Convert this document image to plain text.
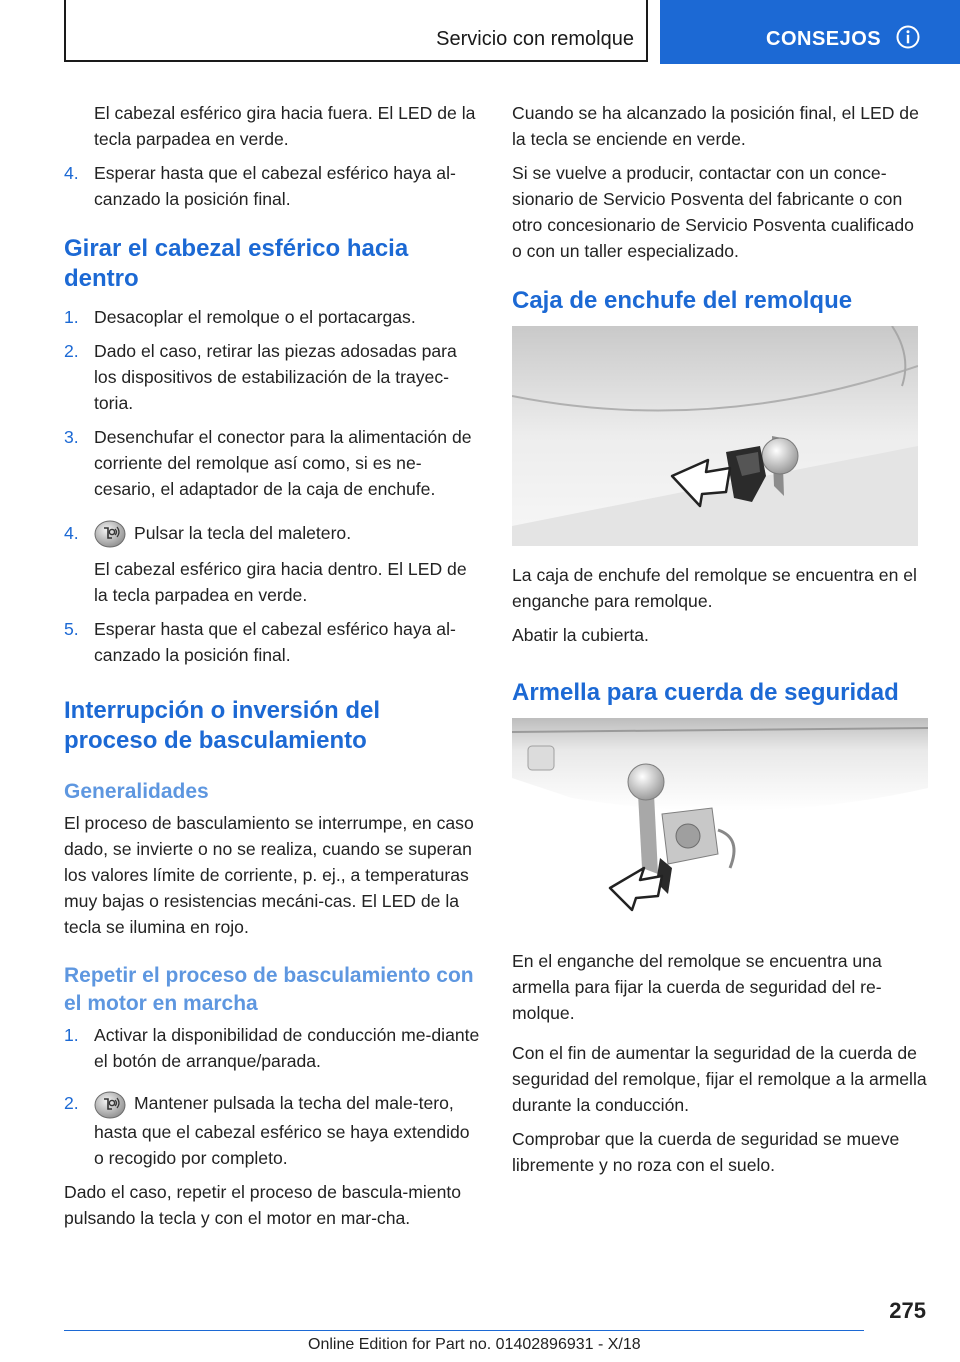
Servicio con remolque	CONSEJOS

El cabezal esférico gira hacia fuera. El LED de la tecla parpadea en verde.

4. Esperar hasta que el cabezal esférico haya al‐canzado la posición final.
Girar el cabezal esférico hacia dentro
1. Desacoplar el remolque o el portacargas.
2. Dado el caso, retirar las piezas adosadas para los dispositivos de estabilización de la trayec‐toria.
3. Desenchufar el conector para la alimentación de corriente del remolque así como, si es ne‐cesario, el adaptador de la caja de enchufe.
4.	Pulsar la tecla del maletero.
El cabezal esférico gira hacia dentro. El LED de la tecla parpadea en verde.
5. Esperar hasta que el cabezal esférico haya al‐canzado la posición final.
Interrupción o inversión del proceso de basculamiento
Generalidades

El proceso de basculamiento se interrumpe, en caso dado, se invierte o no se realiza, cuando se superan los valores límite de corriente, p. ej., a temperaturas muy bajas o resistencias mecáni‐cas. El LED de la tecla se ilumina en rojo.

Repetir el proceso de basculamiento con el motor en marcha
1. Activar la disponibilidad de conducción me‐diante el botón de arranque/parada.
2.	Mantener pulsada la techa del male‐tero, hasta que el cabezal esférico se haya extendido o recogido por completo.

Dado el caso, repetir el proceso de bascula‐miento pulsando la tecla y con el motor en mar‐cha.

Cuando se ha alcanzado la posición final, el LED de la tecla se enciende en verde.

Si se vuelve a producir, contactar con un conce‐sionario de Servicio Posventa del fabricante o con otro concesionario de Servicio Posventa cualificado o con un taller especializado.

Caja de enchufe del remolque

La caja de enchufe del remolque se encuentra en el enganche para remolque.

Abatir la cubierta.

Armella para cuerda de seguridad

En el enganche del remolque se encuentra una armella para fijar la cuerda de seguridad del re‐molque.

Con el fin de aumentar la seguridad de la cuerda de seguridad del remolque, fijar el remolque a la armella durante la conducción.

Comprobar que la cuerda de seguridad se mueve libremente y no roza con el suelo.

275
Online Edition for Part no. 01402896931 - X/18
